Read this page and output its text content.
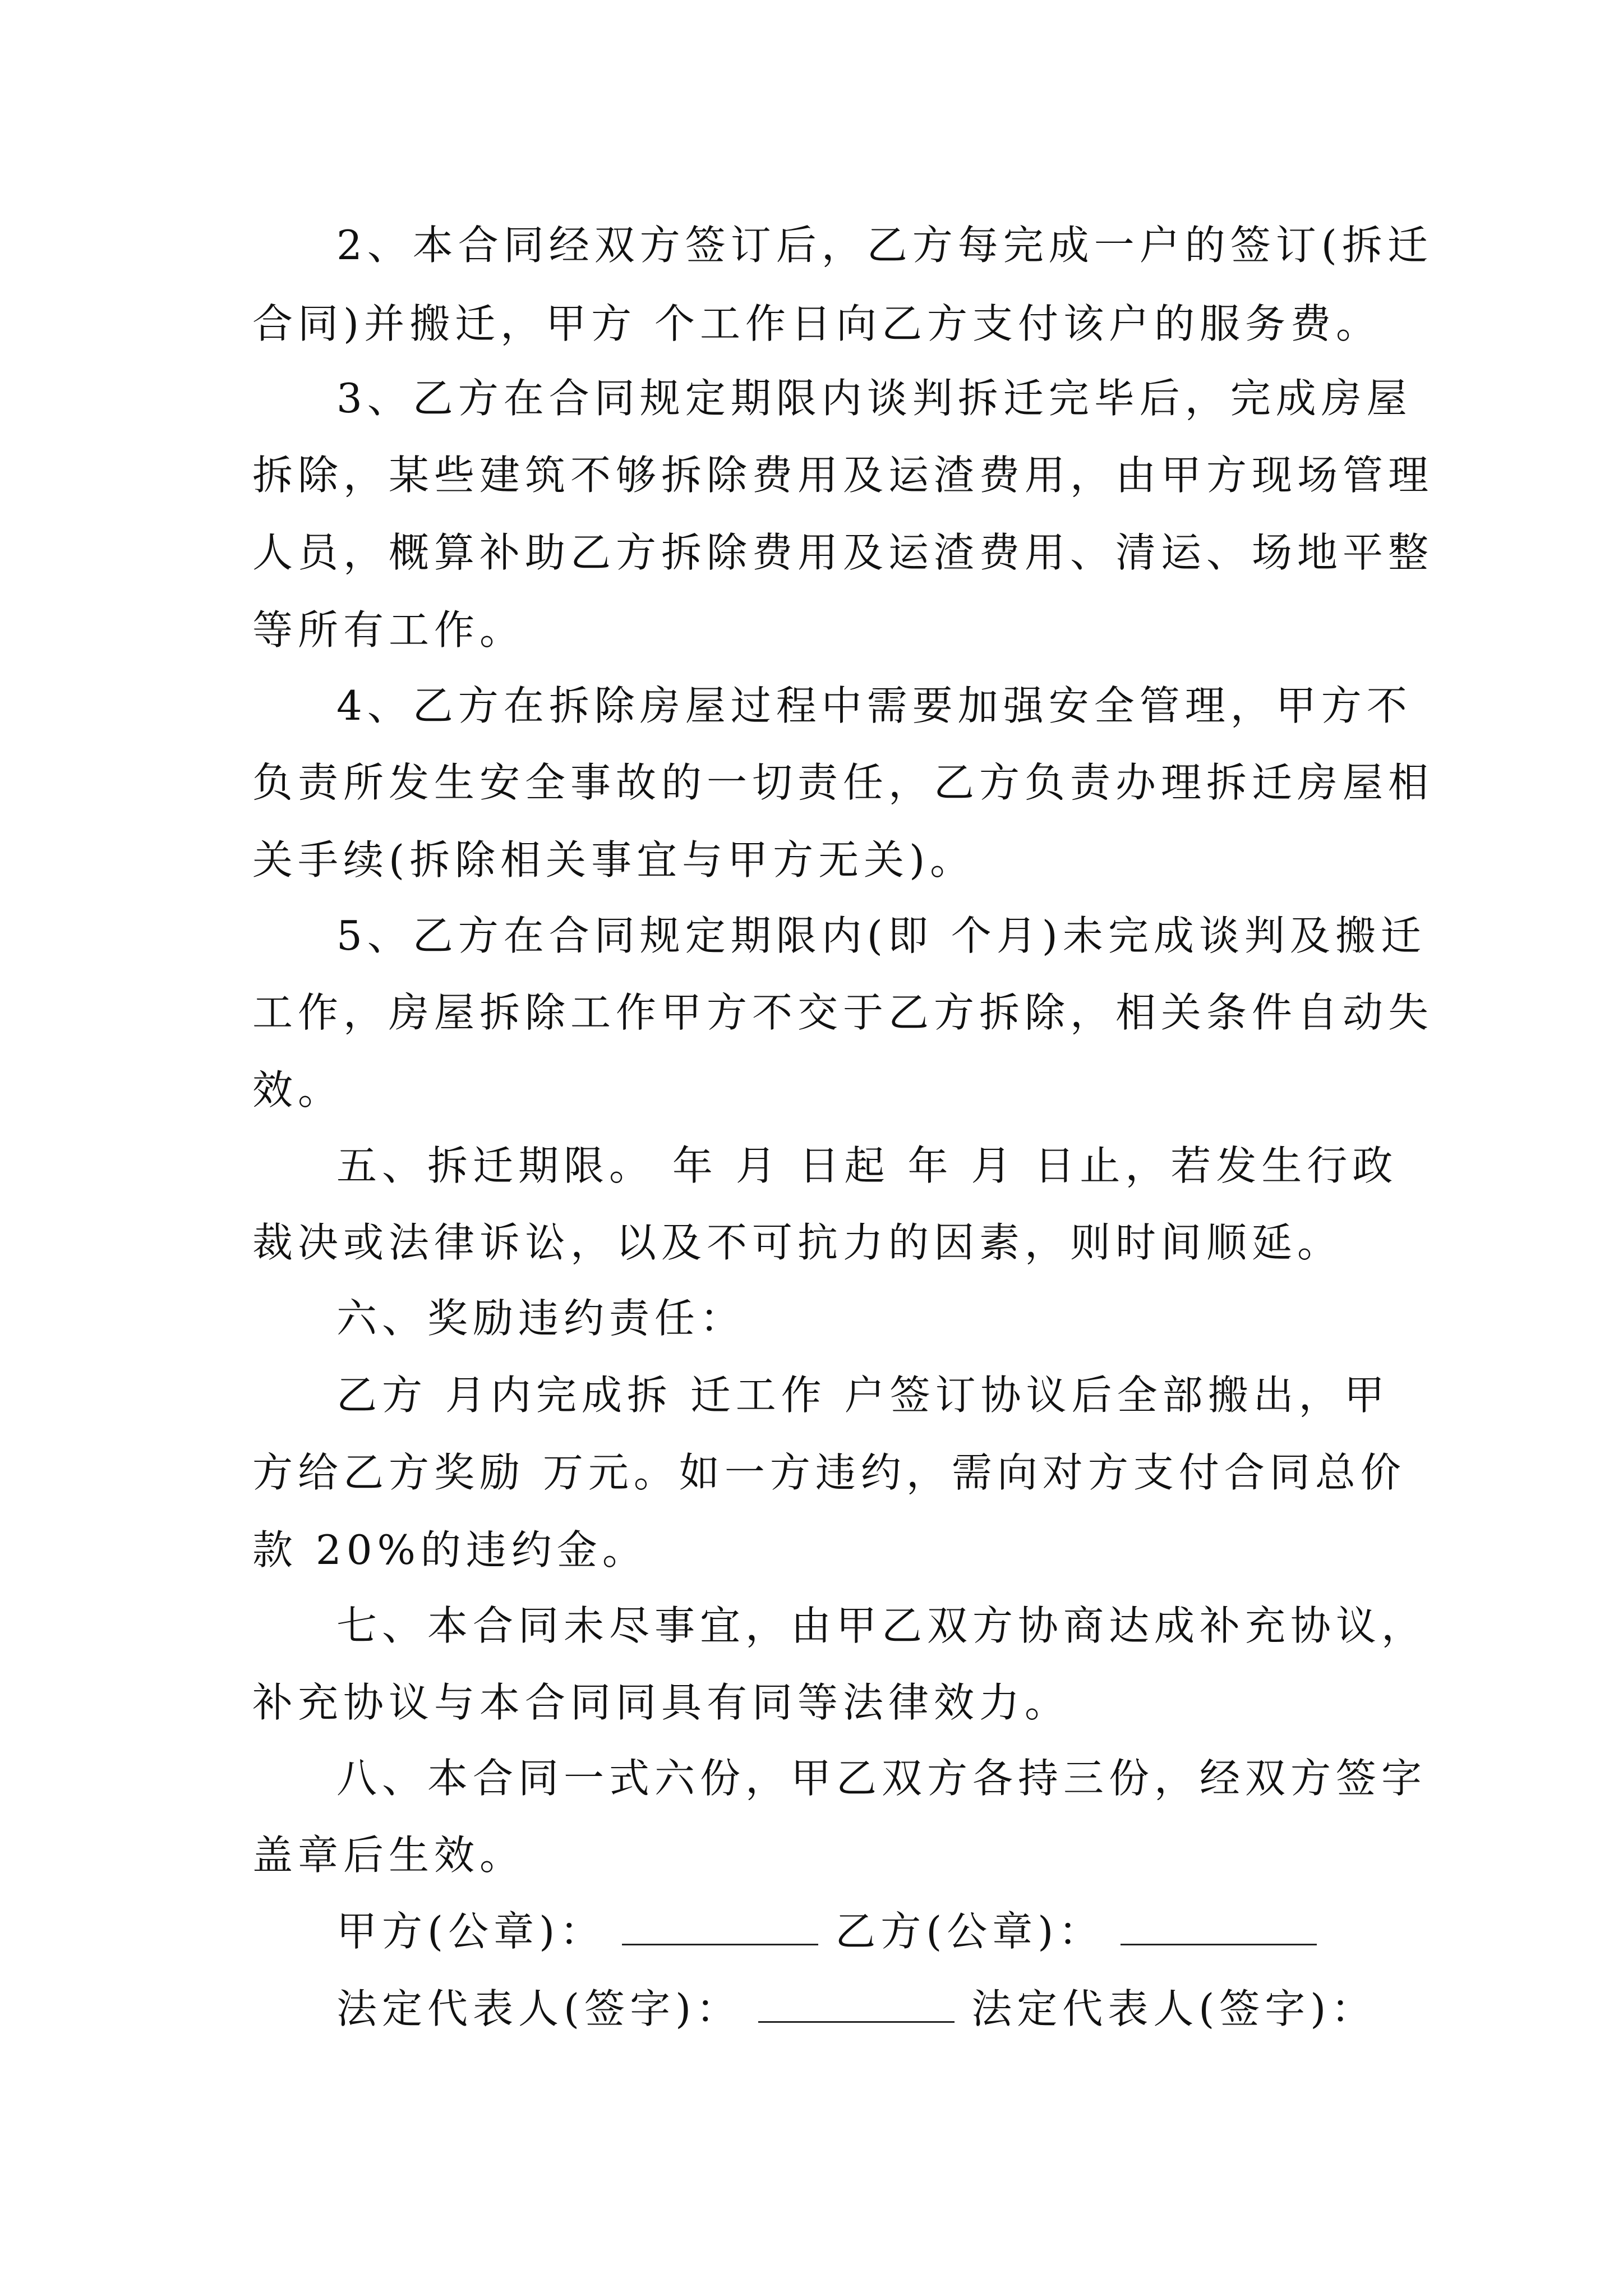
2、本合同经双方签订后，乙方每完成一户的签订(拆迁
合同)并搬迁，甲方 个工作日向乙方支付该户的服务费。
3、乙方在合同规定期限内谈判拆迁完毕后，完成房屋
拆除，某些建筑不够拆除费用及运渣费用，由甲方现场管理
人员，概算补助乙方拆除费用及运渣费用、清运、场地平整
等所有工作。
4、乙方在拆除房屋过程中需要加强安全管理，甲方不
负责所发生安全事故的一切责任，乙方负责办理拆迁房屋相
关手续(拆除相关事宜与甲方无关)。
5、乙方在合同规定期限内(即 个月)未完成谈判及搬迁
工作，房屋拆除工作甲方不交于乙方拆除，相关条件自动失
效。
五、拆迁期限。 年 月 日起 年 月 日止，若发生行政
裁决或法律诉讼，以及不可抗力的因素，则时间顺延。
六、奖励违约责任：
乙方 月内完成拆 迁工作 户签订协议后全部搬出，甲
方给乙方奖励 万元。如一方违约，需向对方支付合同总价
款 20%的违约金。
七、本合同未尽事宜，由甲乙双方协商达成补充协议，
补充协议与本合同同具有同等法律效力。
八、本合同一式六份，甲乙双方各持三份，经双方签字
盖章后生效。
甲方(公章)：	乙方(公章)：
法定代表人(签字)：	法定代表人(签字)：
